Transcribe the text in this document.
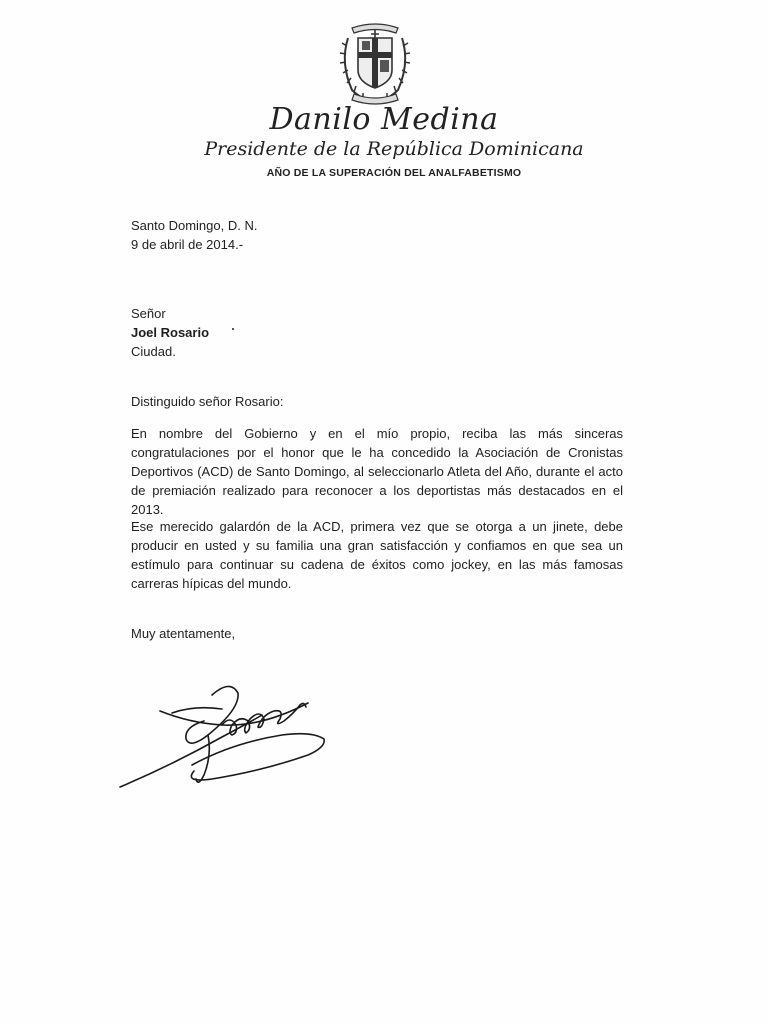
Danilo Medina
Presidente de la República Dominicana
AÑO DE LA SUPERACIÓN DEL ANALFABETISMO
Santo Domingo, D. N.
9 de abril de 2014.-
Señor
Joel Rosario
Ciudad.
Distinguido señor Rosario:
En nombre del Gobierno y en el mío propio, reciba las más sinceras congratulaciones por el honor que le ha concedido la Asociación de Cronistas Deportivos (ACD) de Santo Domingo, al seleccionarlo Atleta del Año, durante el acto de premiación realizado para reconocer a los deportistas más destacados en el 2013.
Ese merecido galardón de la ACD, primera vez que se otorga a un jinete, debe producir en usted y su familia una gran satisfacción y confiamos en que sea un estímulo para continuar su cadena de éxitos como jockey, en las más famosas carreras hípicas del mundo.
Muy atentamente,
